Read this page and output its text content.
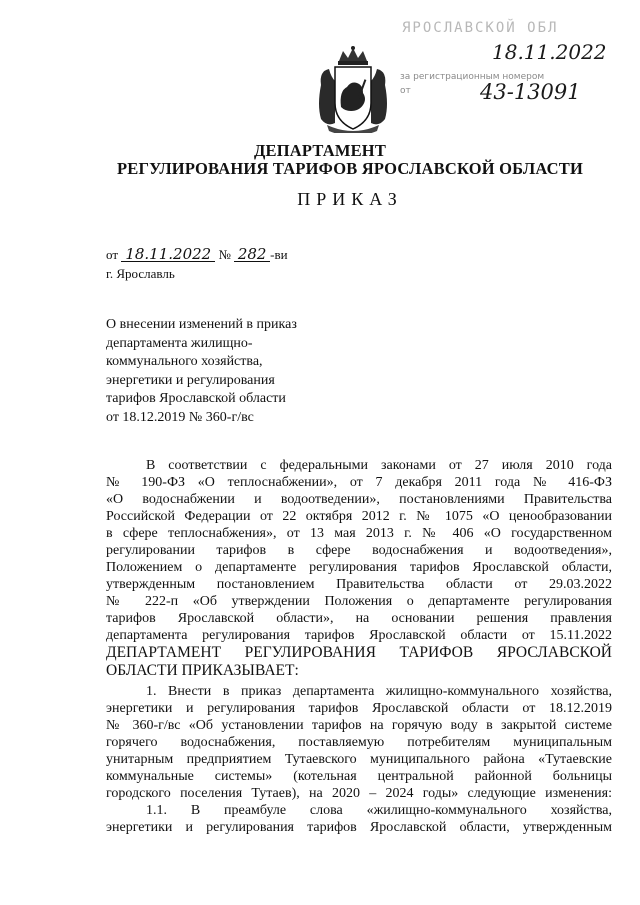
ЯРОСЛАВСКОЙ ОБЛ
за регистрационным номером
от
18.11.2022
43-13091
ДЕПАРТАМЕНТ
РЕГУЛИРОВАНИЯ ТАРИФОВ ЯРОСЛАВСКОЙ ОБЛАСТИ
ПРИКАЗ
от 18.11.2022 № 282 -ви
г. Ярославль
О внесении изменений в приказ
департамента жилищно-
коммунального хозяйства,
энергетики и регулирования
тарифов Ярославской области
от 18.12.2019 № 360-г/вс
В соответствии с федеральными законами от 27 июля 2010 года
№ 190-ФЗ «О теплоснабжении», от 7 декабря 2011 года № 416-ФЗ
«О водоснабжении и водоотведении», постановлениями Правительства
Российской Федерации от 22 октября 2012 г. № 1075 «О ценообразовании
в сфере теплоснабжения», от 13 мая 2013 г. № 406 «О государственном
регулировании тарифов в сфере водоснабжения и водоотведения»,
Положением о департаменте регулирования тарифов Ярославской области,
утвержденным постановлением Правительства области от 29.03.2022
№ 222-п «Об утверждении Положения о департаменте регулирования
тарифов Ярославской области», на основании решения правления
департамента регулирования тарифов Ярославской области от 15.11.2022
ДЕПАРТАМЕНТ РЕГУЛИРОВАНИЯ ТАРИФОВ ЯРОСЛАВСКОЙ
ОБЛАСТИ ПРИКАЗЫВАЕТ:
1. Внести в приказ департамента жилищно-коммунального хозяйства,
энергетики и регулирования тарифов Ярославской области от 18.12.2019
№ 360-г/вс «Об установлении тарифов на горячую воду в закрытой системе
горячего водоснабжения, поставляемую потребителям муниципальным
унитарным предприятием Тутаевского муниципального района «Тутаевские
коммунальные системы» (котельная центральной районной больницы
городского поселения Тутаев), на 2020 – 2024 годы» следующие изменения:
1.1. В преамбуле слова «жилищно-коммунального хозяйства,
энергетики и регулирования тарифов Ярославской области, утвержденным
